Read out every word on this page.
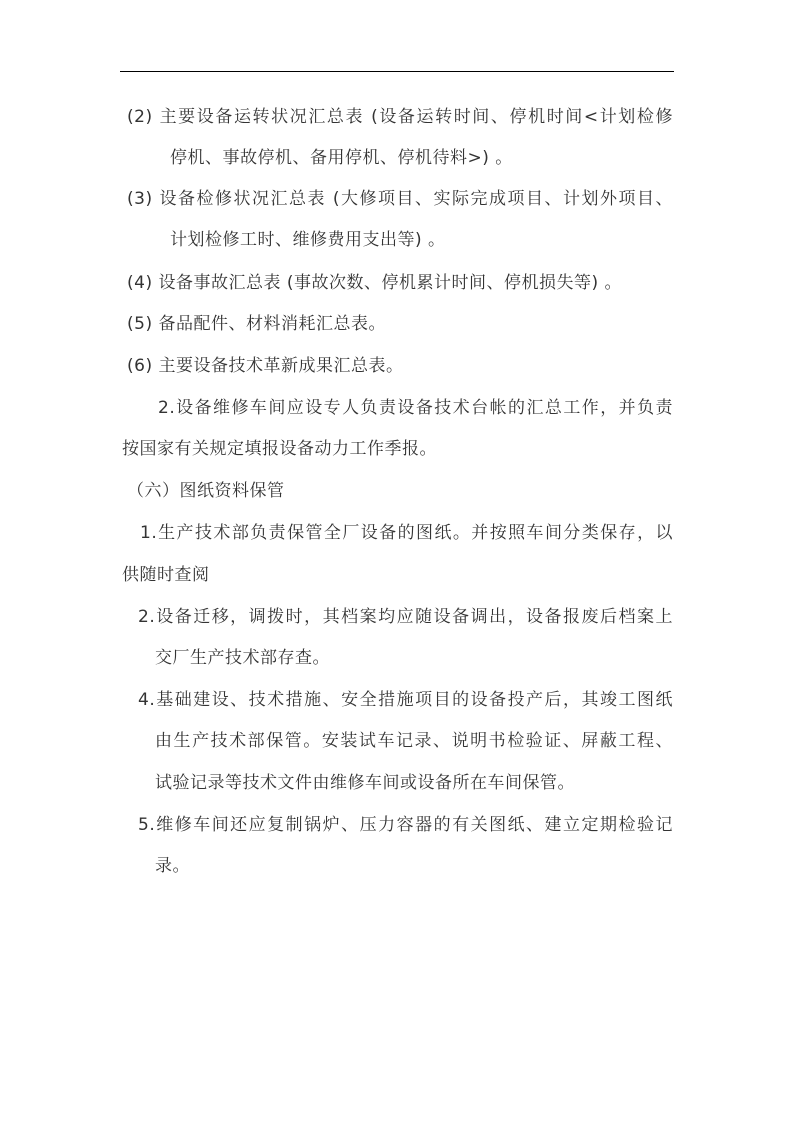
(2) 主要设备运转状况汇总表 (设备运转时间、停机时间<计划检修
停机、事故停机、备用停机、停机待料>) 。
(3) 设备检修状况汇总表 (大修项目、实际完成项目、计划外项目、
计划检修工时、维修费用支出等) 。
(4) 设备事故汇总表 (事故次数、停机累计时间、停机损失等) 。
(5) 备品配件、材料消耗汇总表。
(6) 主要设备技术革新成果汇总表。
2.设备维修车间应设专人负责设备技术台帐的汇总工作，并负责
按国家有关规定填报设备动力工作季报。
（六）图纸资料保管
1.生产技术部负责保管全厂设备的图纸。并按照车间分类保存，以
供随时查阅
2.设备迁移，调拨时，其档案均应随设备调出，设备报废后档案上
交厂生产技术部存查。
4.基础建设、技术措施、安全措施项目的设备投产后，其竣工图纸
由生产技术部保管。安装试车记录、说明书检验证、屏蔽工程、
试验记录等技术文件由维修车间或设备所在车间保管。
5.维修车间还应复制锅炉、压力容器的有关图纸、建立定期检验记
录。
